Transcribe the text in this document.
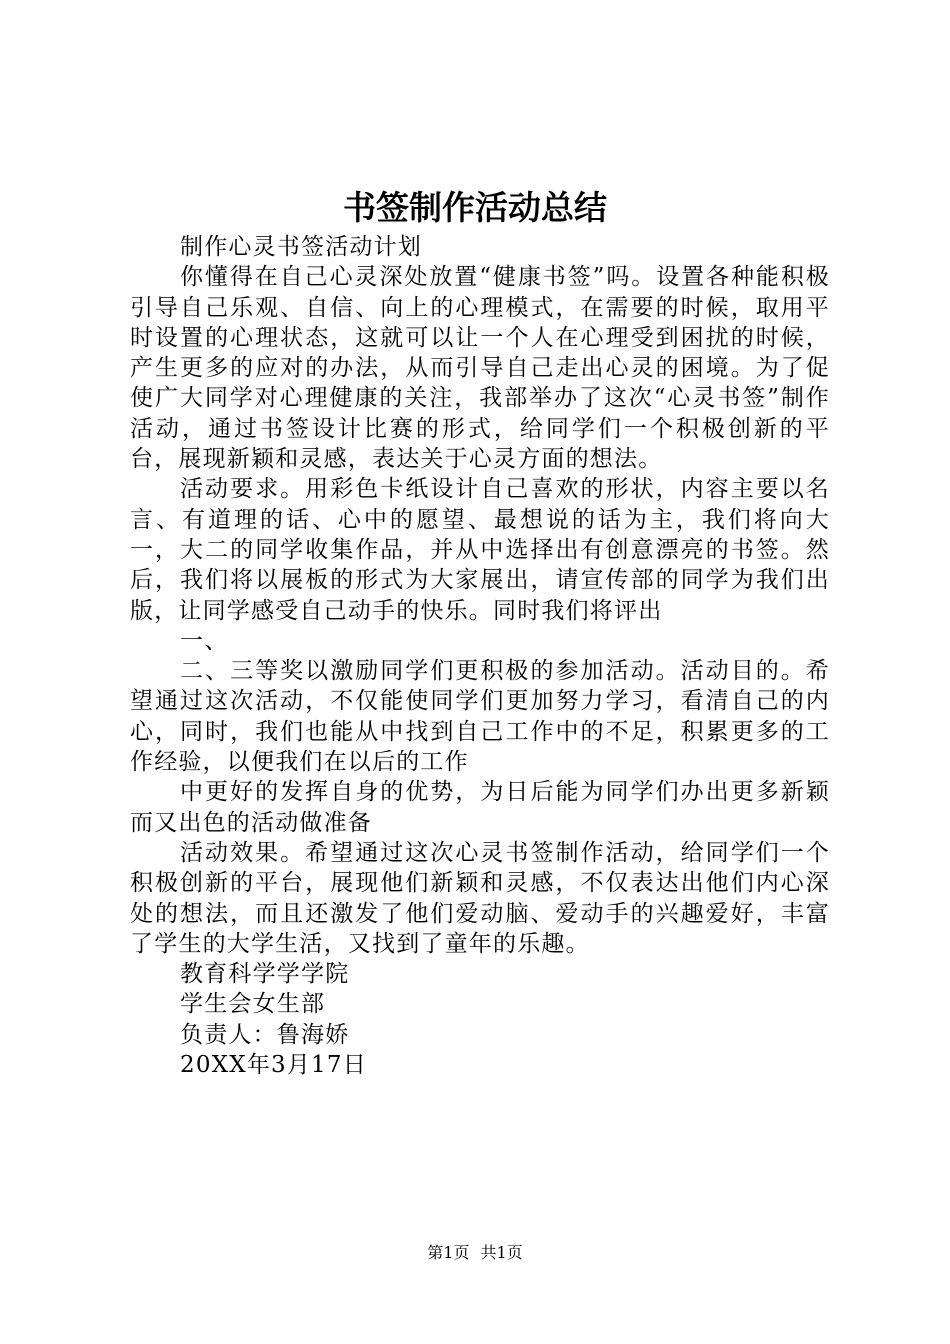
书签制作活动总结

制作心灵书签活动计划

你懂得在自己心灵深处放置“健康书签”吗。设置各种能积极引导自己乐观、自信、向上的心理模式，在需要的时候，取用平时设置的心理状态，这就可以让一个人在心理受到困扰的时候，产生更多的应对的办法，从而引导自己走出心灵的困境。为了促使广大同学对心理健康的关注，我部举办了这次“心灵书签”制作活动，通过书签设计比赛的形式，给同学们一个积极创新的平台，展现新颖和灵感，表达关于心灵方面的想法。

活动要求。用彩色卡纸设计自己喜欢的形状，内容主要以名言、有道理的话、心中的愿望、最想说的话为主，我们将向大一，大二的同学收集作品，并从中选择出有创意漂亮的书签。然后，我们将以展板的形式为大家展出，请宣传部的同学为我们出版，让同学感受自己动手的快乐。同时我们将评出

一、

二、三等奖以激励同学们更积极的参加活动。活动目的。希望通过这次活动，不仅能使同学们更加努力学习，看清自己的内心，同时，我们也能从中找到自己工作中的不足，积累更多的工作经验，以便我们在以后的工作

中更好的发挥自身的优势，为日后能为同学们办出更多新颖而又出色的活动做准备

活动效果。希望通过这次心灵书签制作活动，给同学们一个积极创新的平台，展现他们新颖和灵感，不仅表达出他们内心深处的想法，而且还激发了他们爱动脑、爱动手的兴趣爱好，丰富了学生的大学生活，又找到了童年的乐趣。

教育科学学学院

学生会女生部

负责人：鲁海娇

20XX年3月17日

第1页 共1页
